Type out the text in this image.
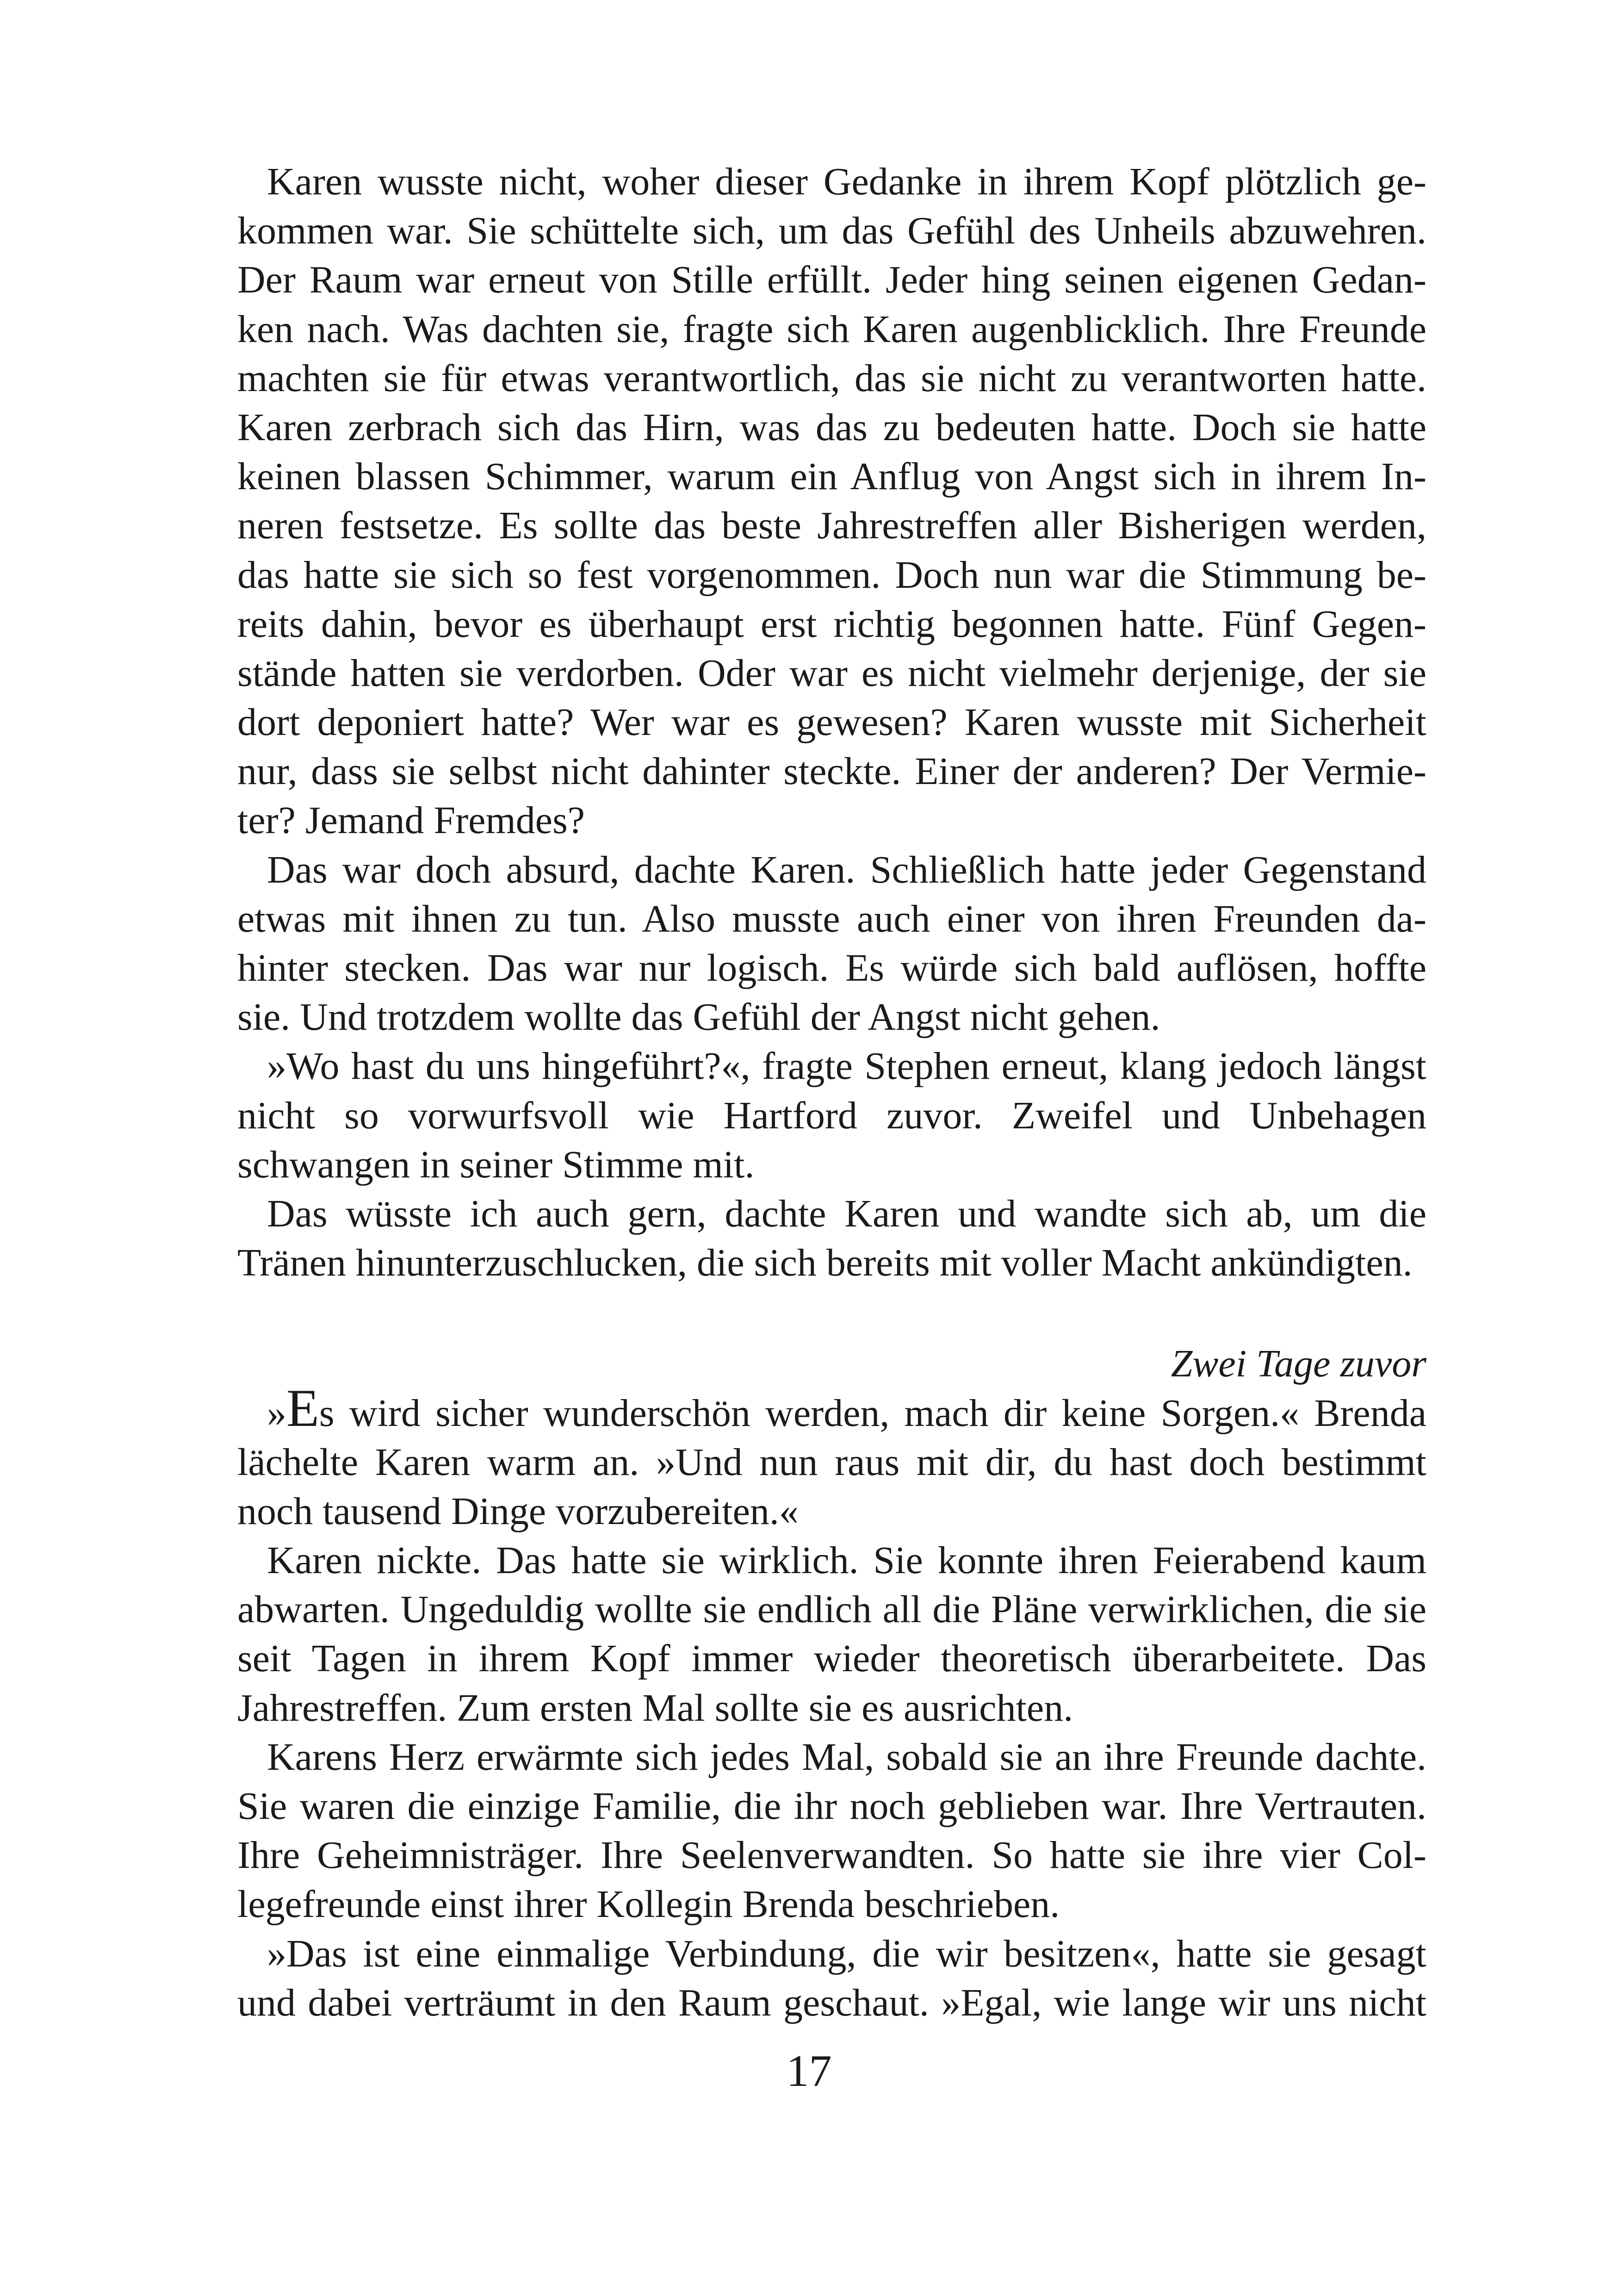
Karen wusste nicht, woher dieser Gedanke in ihrem Kopf plötzlich ge-
kommen war. Sie schüttelte sich, um das Gefühl des Unheils abzuwehren.
Der Raum war erneut von Stille erfüllt. Jeder hing seinen eigenen Gedan-
ken nach. Was dachten sie, fragte sich Karen augenblicklich. Ihre Freunde
machten sie für etwas verantwortlich, das sie nicht zu verantworten hatte.
Karen zerbrach sich das Hirn, was das zu bedeuten hatte. Doch sie hatte
keinen blassen Schimmer, warum ein Anflug von Angst sich in ihrem In-
neren festsetze. Es sollte das beste Jahrestreffen aller Bisherigen werden,
das hatte sie sich so fest vorgenommen. Doch nun war die Stimmung be-
reits dahin, bevor es überhaupt erst richtig begonnen hatte. Fünf Gegen-
stände hatten sie verdorben. Oder war es nicht vielmehr derjenige, der sie
dort deponiert hatte? Wer war es gewesen? Karen wusste mit Sicherheit
nur, dass sie selbst nicht dahinter steckte. Einer der anderen? Der Vermie-
ter? Jemand Fremdes?
Das war doch absurd, dachte Karen. Schließlich hatte jeder Gegenstand
etwas mit ihnen zu tun. Also musste auch einer von ihren Freunden da-
hinter stecken. Das war nur logisch. Es würde sich bald auflösen, hoffte
sie. Und trotzdem wollte das Gefühl der Angst nicht gehen.
»Wo hast du uns hingeführt?«, fragte Stephen erneut, klang jedoch längst
nicht so vorwurfsvoll wie Hartford zuvor. Zweifel und Unbehagen
schwangen in seiner Stimme mit.
Das wüsste ich auch gern, dachte Karen und wandte sich ab, um die
Tränen hinunterzuschlucken, die sich bereits mit voller Macht ankündigten.
Zwei Tage zuvor
»Es wird sicher wunderschön werden, mach dir keine Sorgen.« Brenda
lächelte Karen warm an. »Und nun raus mit dir, du hast doch bestimmt
noch tausend Dinge vorzubereiten.«
Karen nickte. Das hatte sie wirklich. Sie konnte ihren Feierabend kaum
abwarten. Ungeduldig wollte sie endlich all die Pläne verwirklichen, die sie
seit Tagen in ihrem Kopf immer wieder theoretisch überarbeitete. Das
Jahrestreffen. Zum ersten Mal sollte sie es ausrichten.
Karens Herz erwärmte sich jedes Mal, sobald sie an ihre Freunde dachte.
Sie waren die einzige Familie, die ihr noch geblieben war. Ihre Vertrauten.
Ihre Geheimnisträger. Ihre Seelenverwandten. So hatte sie ihre vier Col-
legefreunde einst ihrer Kollegin Brenda beschrieben.
»Das ist eine einmalige Verbindung, die wir besitzen«, hatte sie gesagt
und dabei verträumt in den Raum geschaut. »Egal, wie lange wir uns nicht
17
